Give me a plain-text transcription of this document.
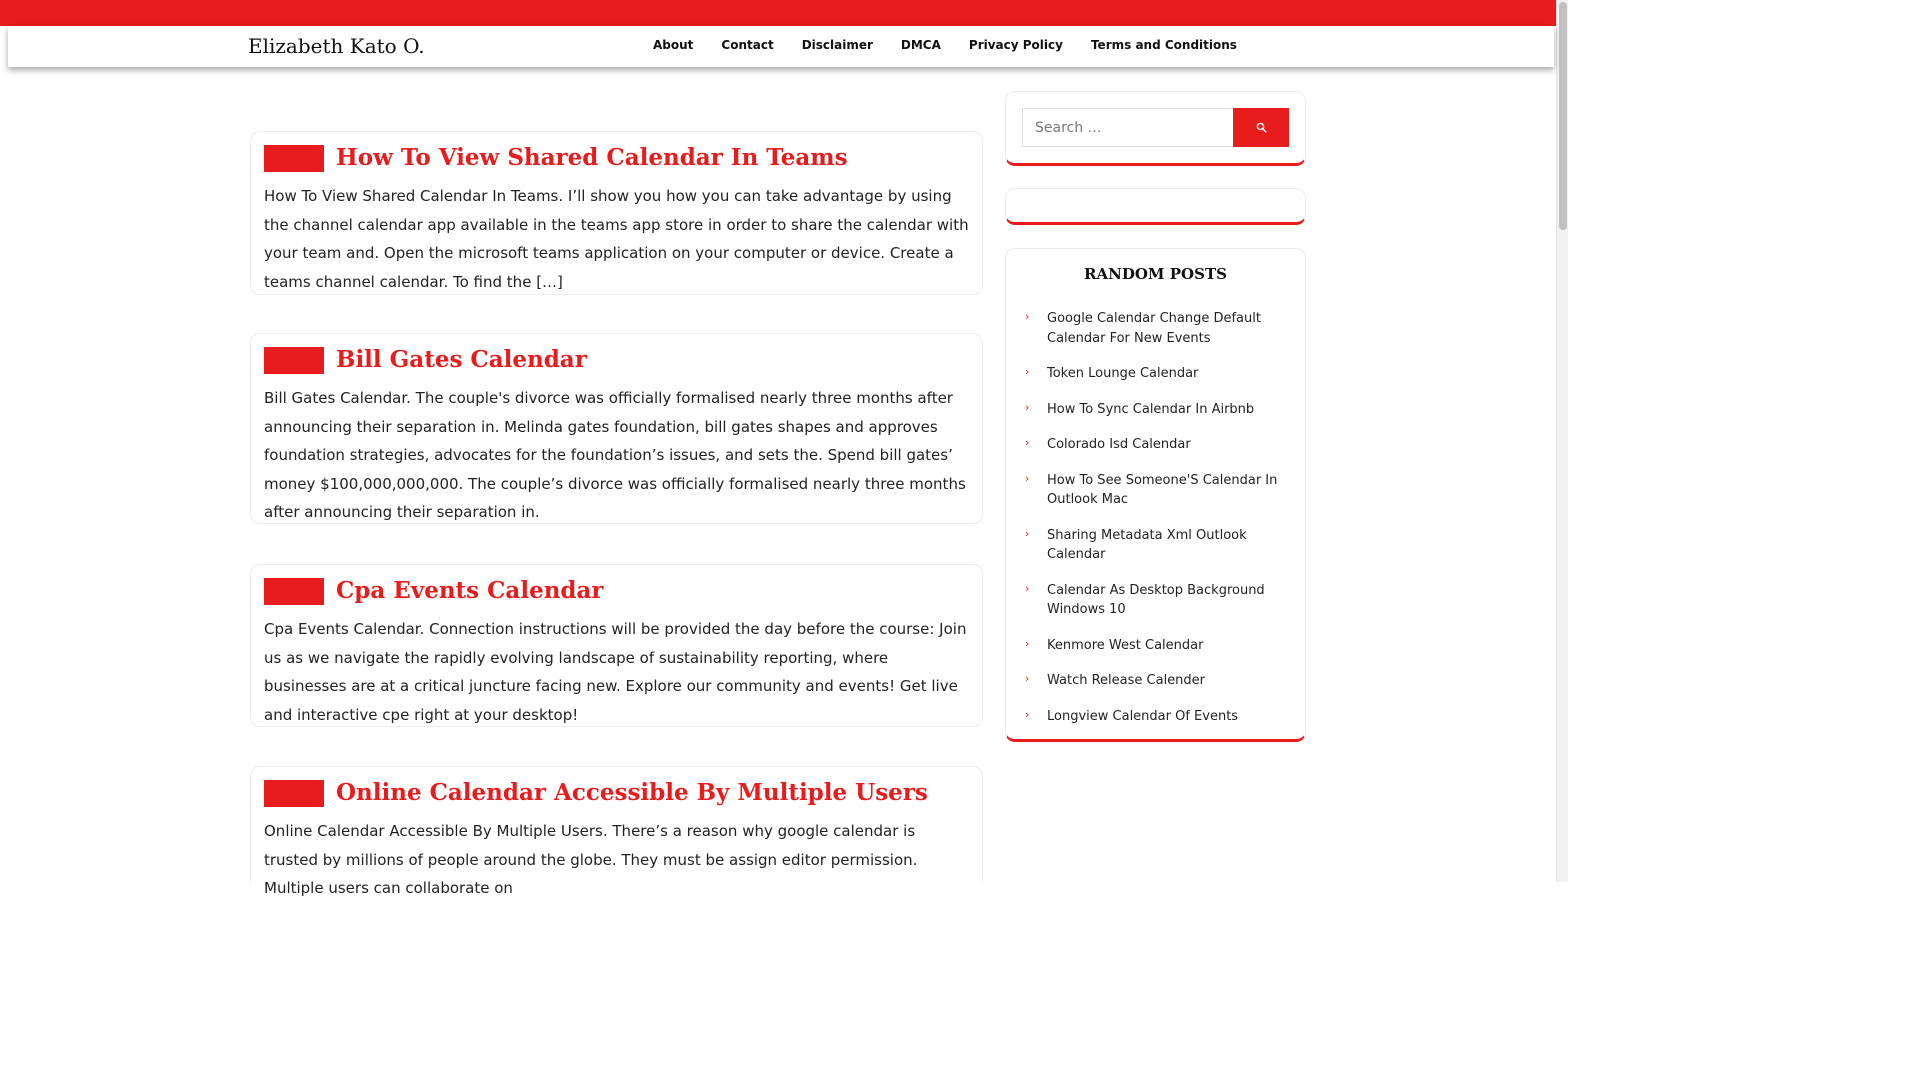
Elizabeth Kato O.	About Contact Disclaimer DMCA Privacy Policy Terms and Conditions
How To View Shared Calendar In Teams

How To View Shared Calendar In Teams. I’ll show you how you can take advantage by using the channel calendar app available in the teams app store in order to share the calendar with your team and. Open the microsoft teams application on your computer or device. Create a teams channel calendar. To find the […]

Bill Gates Calendar

Bill Gates Calendar. The couple's divorce was officially formalised nearly three months after announcing their separation in. Melinda gates foundation, bill gates shapes and approves foundation strategies, advocates for the foundation’s issues, and sets the. Spend bill gates’ money $100,000,000,000. The couple’s divorce was officially formalised nearly three months after announcing their separation in.

Cpa Events Calendar

Cpa Events Calendar. Connection instructions will be provided the day before the course: Join us as we navigate the rapidly evolving landscape of sustainability reporting, where businesses are at a critical juncture facing new. Explore our community and events! Get live and interactive cpe right at your desktop!

Online Calendar Accessible By Multiple Users

Online Calendar Accessible By Multiple Users. There’s a reason why google calendar is trusted by millions of people around the globe. They must be assign editor permission. Multiple users can collaborate on

Search …
RANDOM POSTS
› Google Calendar Change Default Calendar For New Events
› Token Lounge Calendar
› How To Sync Calendar In Airbnb
› Colorado Isd Calendar
› How To See Someone'S Calendar In Outlook Mac
› Sharing Metadata Xml Outlook Calendar
› Calendar As Desktop Background Windows 10
› Kenmore West Calendar
› Watch Release Calender
› Longview Calendar Of Events
